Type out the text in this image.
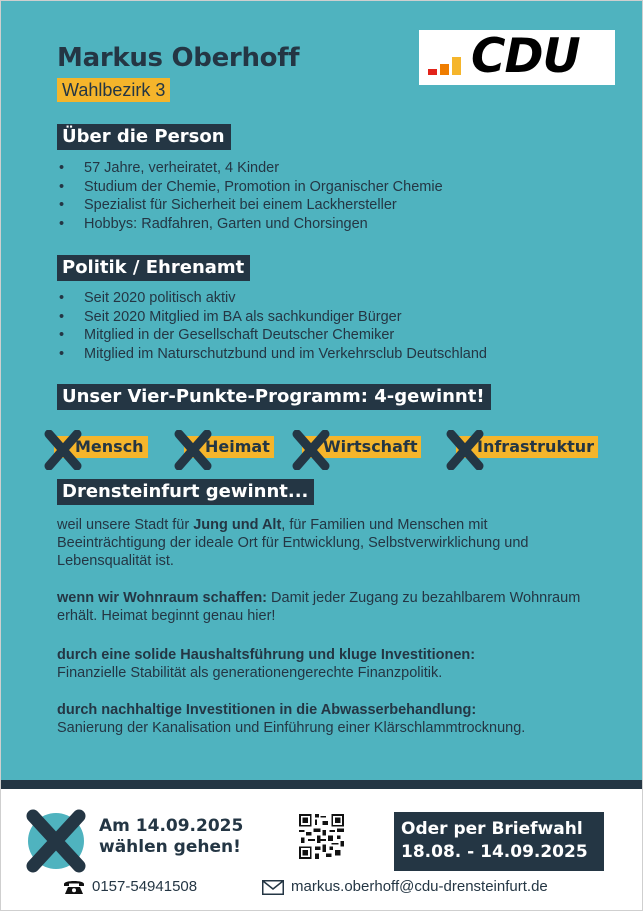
Markus Oberhoff
Wahlbezirk 3
CDU
Über die Person
• 57 Jahre, verheiratet, 4 Kinder
• Studium der Chemie, Promotion in Organischer Chemie
• Spezialist für Sicherheit bei einem Lackhersteller
• Hobbys: Radfahren, Garten und Chorsingen
Politik / Ehrenamt
• Seit 2020 politisch aktiv
• Seit 2020 Mitglied im BA als sachkundiger Bürger
• Mitglied in der Gesellschaft Deutscher Chemiker
• Mitglied im Naturschutzbund und im Verkehrsclub Deutschland
Unser Vier-Punkte-Programm: 4-gewinnt!
Mensch	Heimat	Wirtschaft	Infrastruktur
Drensteinfurt gewinnt...
weil unsere Stadt für Jung und Alt, für Familien und Menschen mit Beeinträchtigung der ideale Ort für Entwicklung, Selbstverwirklichung und Lebensqualität ist.
wenn wir Wohnraum schaffen: Damit jeder Zugang zu bezahlbarem Wohnraum erhält. Heimat beginnt genau hier!
durch eine solide Haushaltsführung und kluge Investitionen:
Finanzielle Stabilität als generationengerechte Finanzpolitik.
durch nachhaltige Investitionen in die Abwasserbehandlung:
Sanierung der Kanalisation und Einführung einer Klärschlammtrocknung.
Am 14.09.2025
wählen gehen!
Oder per Briefwahl
18.08. - 14.09.2025
0157-54941508	markus.oberhoff@cdu-drensteinfurt.de
